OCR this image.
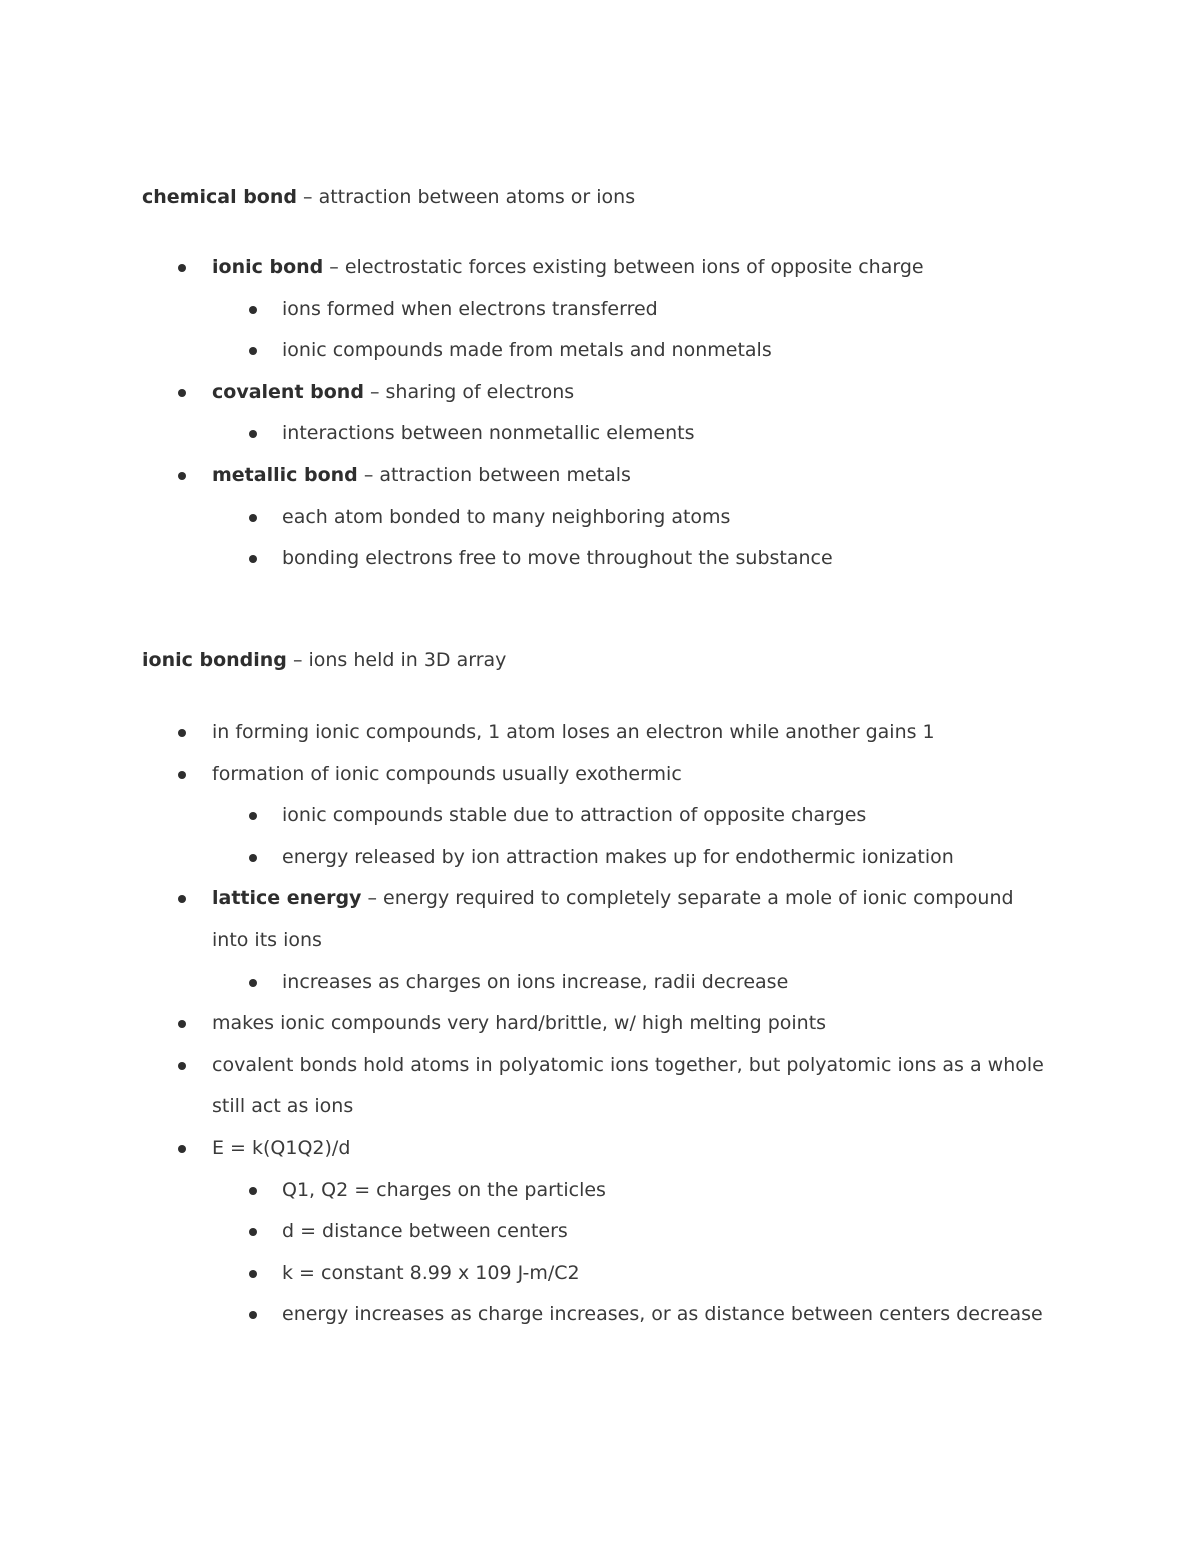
chemical bond – attraction between atoms or ions
ionic bond – electrostatic forces existing between ions of opposite charge
ions formed when electrons transferred
ionic compounds made from metals and nonmetals
covalent bond – sharing of electrons
interactions between nonmetallic elements
metallic bond – attraction between metals
each atom bonded to many neighboring atoms
bonding electrons free to move throughout the substance
ionic bonding – ions held in 3D array
in forming ionic compounds, 1 atom loses an electron while another gains 1
formation of ionic compounds usually exothermic
ionic compounds stable due to attraction of opposite charges
energy released by ion attraction makes up for endothermic ionization
lattice energy – energy required to completely separate a mole of ionic compound into its ions
increases as charges on ions increase, radii decrease
makes ionic compounds very hard/brittle, w/ high melting points
covalent bonds hold atoms in polyatomic ions together, but polyatomic ions as a whole still act as ions
E = k(Q1Q2)/d
Q1, Q2 = charges on the particles
d = distance between centers
k = constant 8.99 x 109 J-m/C2
energy increases as charge increases, or as distance between centers decrease
